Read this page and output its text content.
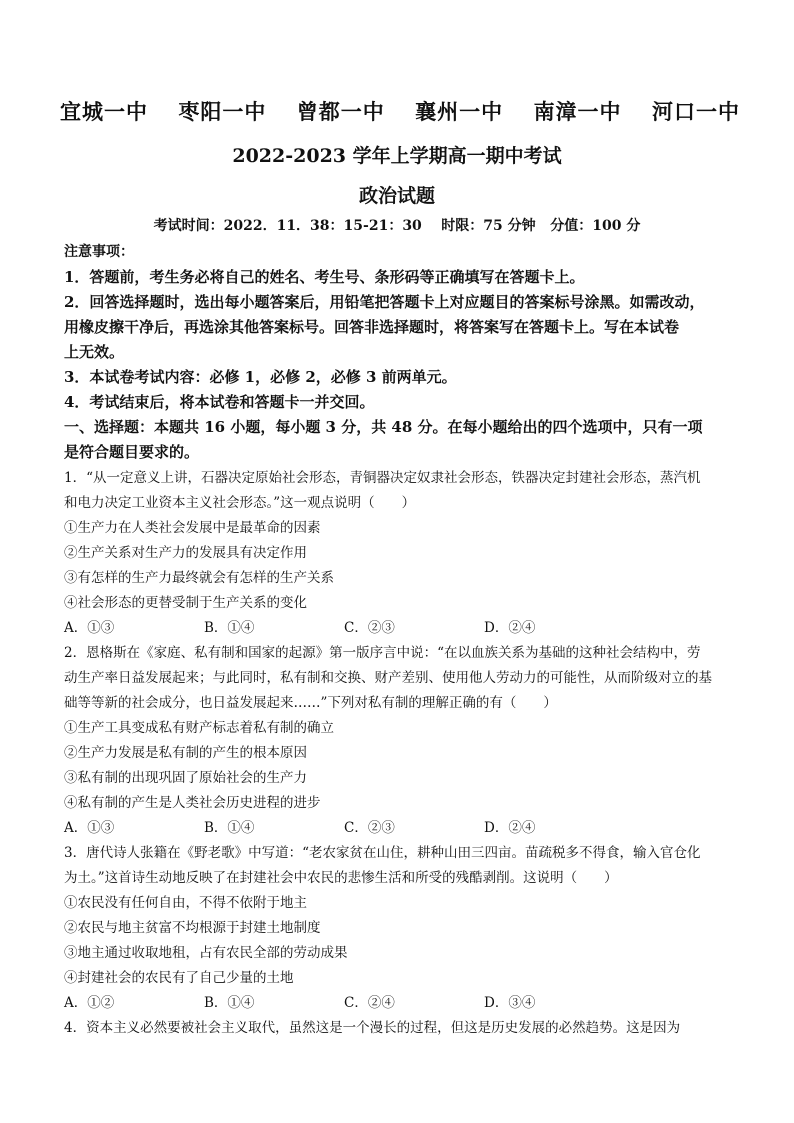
宜城一中 枣阳一中 曾都一中 襄州一中 南漳一中 河口一中
2022-2023 学年上学期高一期中考试
政治试题
考试时间：2022．11．38：15-21：30    时限：75 分钟   分值：100 分
注意事项：
1．答题前，考生务必将自己的姓名、考生号、条形码等正确填写在答题卡上。
2．回答选择题时，选出每小题答案后，用铅笔把答题卡上对应题目的答案标号涂黑。如需改动，
用橡皮擦干净后，再选涂其他答案标号。回答非选择题时，将答案写在答题卡上。写在本试卷
上无效。
3．本试卷考试内容：必修 1，必修 2，必修 3 前两单元。
4．考试结束后，将本试卷和答题卡一并交回。
一、选择题：本题共 16 小题，每小题 3 分，共 48 分。在每小题给出的四个选项中，只有一项
是符合题目要求的。
1．“从一定意义上讲，石器决定原始社会形态，青铜器决定奴隶社会形态，铁器决定封建社会形态，蒸汽机
和电力决定工业资本主义社会形态。”这一观点说明（　　）
①生产力在人类社会发展中是最革命的因素
②生产关系对生产力的发展具有决定作用
③有怎样的生产力最终就会有怎样的生产关系
④社会形态的更替受制于生产关系的变化
A．①③	B．①④	C．②③	D．②④
2．恩格斯在《家庭、私有制和国家的起源》第一版序言中说：“在以血族关系为基础的这种社会结构中，劳
动生产率日益发展起来；与此同时，私有制和交换、财产差别、使用他人劳动力的可能性，从而阶级对立的基
础等等新的社会成分，也日益发展起来……”下列对私有制的理解正确的有（　　）
①生产工具变成私有财产标志着私有制的确立
②生产力发展是私有制的产生的根本原因
③私有制的出现巩固了原始社会的生产力
④私有制的产生是人类社会历史进程的进步
A．①③	B．①④	C．②③	D．②④
3．唐代诗人张籍在《野老歌》中写道：“老农家贫在山住，耕种山田三四亩。苗疏税多不得食，输入官仓化
为土。”这首诗生动地反映了在封建社会中农民的悲惨生活和所受的残酷剥削。这说明（　　）
①农民没有任何自由，不得不依附于地主
②农民与地主贫富不均根源于封建土地制度
③地主通过收取地租，占有农民全部的劳动成果
④封建社会的农民有了自己少量的土地
A．①②	B．①④	C．②④	D．③④
4．资本主义必然要被社会主义取代，虽然这是一个漫长的过程，但这是历史发展的必然趋势。这是因为
